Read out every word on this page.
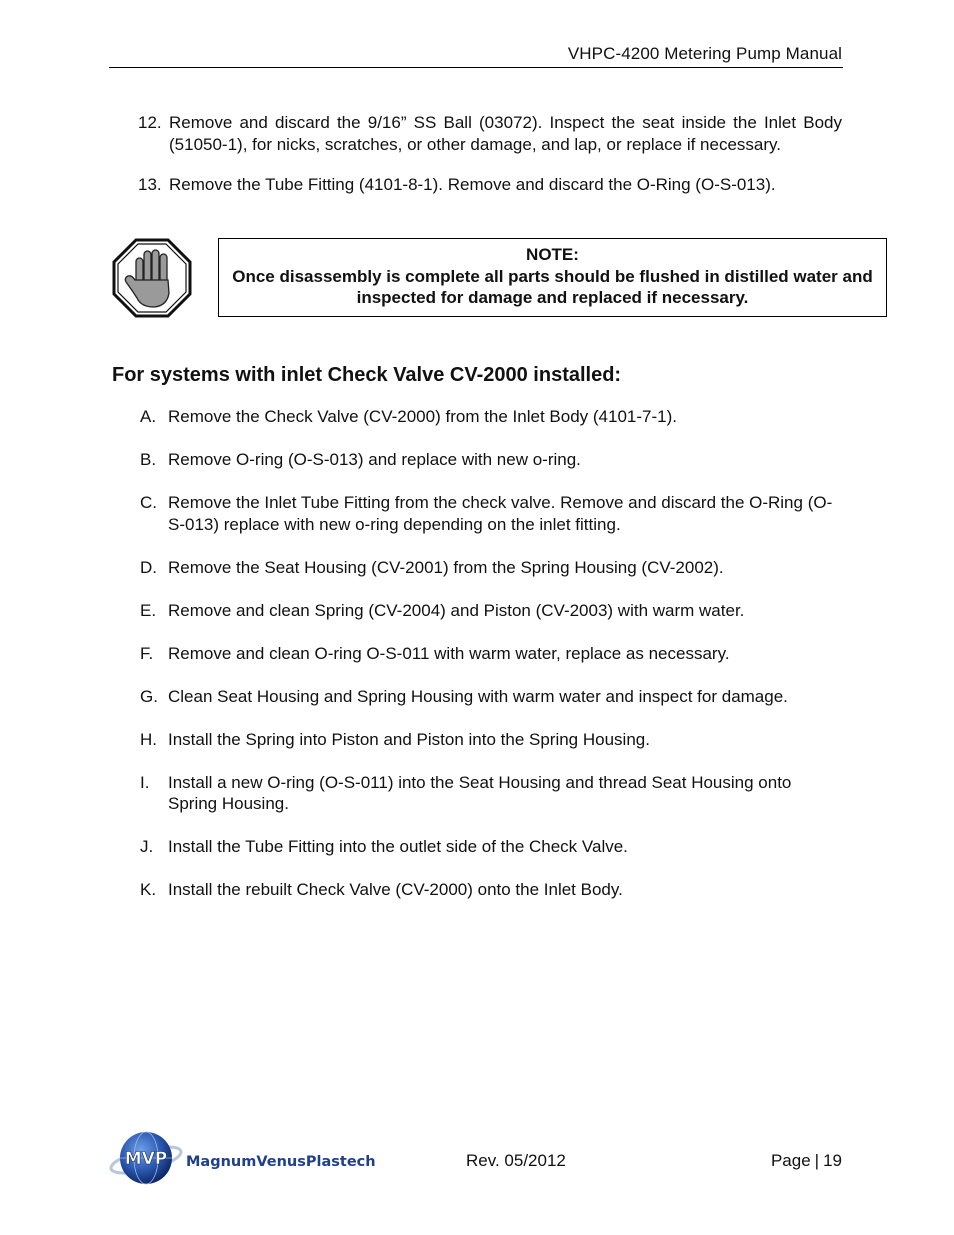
VHPC-4200 Metering Pump Manual
12. Remove and discard the 9/16” SS Ball (03072). Inspect the seat inside the Inlet Body (51050-1), for nicks, scratches, or other damage, and lap, or replace if necessary.
13. Remove the Tube Fitting (4101-8-1). Remove and discard the O-Ring (O-S-013).
NOTE:
Once disassembly is complete all parts should be flushed in distilled water and inspected for damage and replaced if necessary.
For systems with inlet Check Valve CV-2000 installed:
A. Remove the Check Valve (CV-2000) from the Inlet Body (4101-7-1).
B. Remove O-ring (O-S-013) and replace with new o-ring.
C. Remove the Inlet Tube Fitting from the check valve. Remove and discard the O-Ring (O-S-013) replace with new o-ring depending on the inlet fitting.
D. Remove the Seat Housing (CV-2001) from the Spring Housing (CV-2002).
E. Remove and clean Spring (CV-2004) and Piston (CV-2003) with warm water.
F. Remove and clean O-ring O-S-011 with warm water, replace as necessary.
G. Clean Seat Housing and Spring Housing with warm water and inspect for damage.
H. Install the Spring into Piston and Piston into the Spring Housing.
I.	Install a new O-ring (O-S-011) into the Seat Housing and thread Seat Housing onto Spring Housing.
J. Install the Tube Fitting into the outlet side of the Check Valve.
K. Install the rebuilt Check Valve (CV-2000) onto the Inlet Body.
MVP MagnumVenusPlastech	Rev. 05/2012	Page | 19
